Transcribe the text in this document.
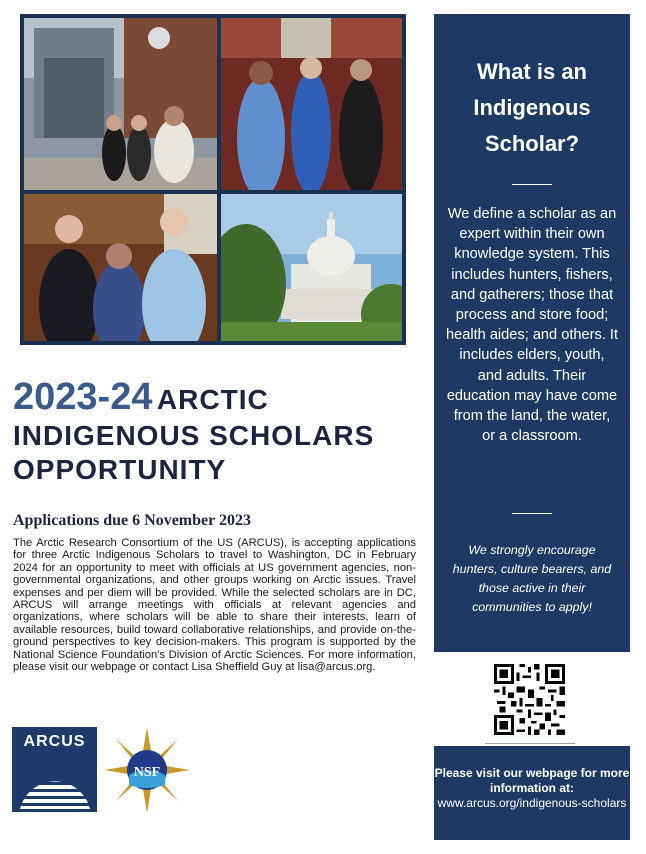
2023-24 ARCTIC
INDIGENOUS SCHOLARS
OPPORTUNITY
Applications due 6 November 2023
The Arctic Research Consortium of the US (ARCUS), is accepting applications for three Arctic Indigenous Scholars to travel to Washington, DC in February 2024 for an opportunity to meet with officials at US government agencies, non-governmental organizations, and other groups working on Arctic issues. Travel expenses and per diem will be provided. While the selected scholars are in DC, ARCUS will arrange meetings with officials at relevant agencies and organizations, where scholars will be able to share their interests, learn of available resources, build toward collaborative relationships, and provide on-the-ground perspectives to key decision-makers. This program is supported by the National Science Foundation's Division of Arctic Sciences. For more information, please visit our webpage or contact Lisa Sheffield Guy at lisa@arcus.org.
ARCUS
NSF
What is an Indigenous Scholar?
We define a scholar as an expert within their own knowledge system. This includes hunters, fishers, and gatherers; those that process and store food; health aides; and others. It includes elders, youth, and adults. Their education may have come from the land, the water, or a classroom.
We strongly encourage hunters, culture bearers, and those active in their communities to apply!
Please visit our webpage for more information at:
www.arcus.org/indigenous-scholars
